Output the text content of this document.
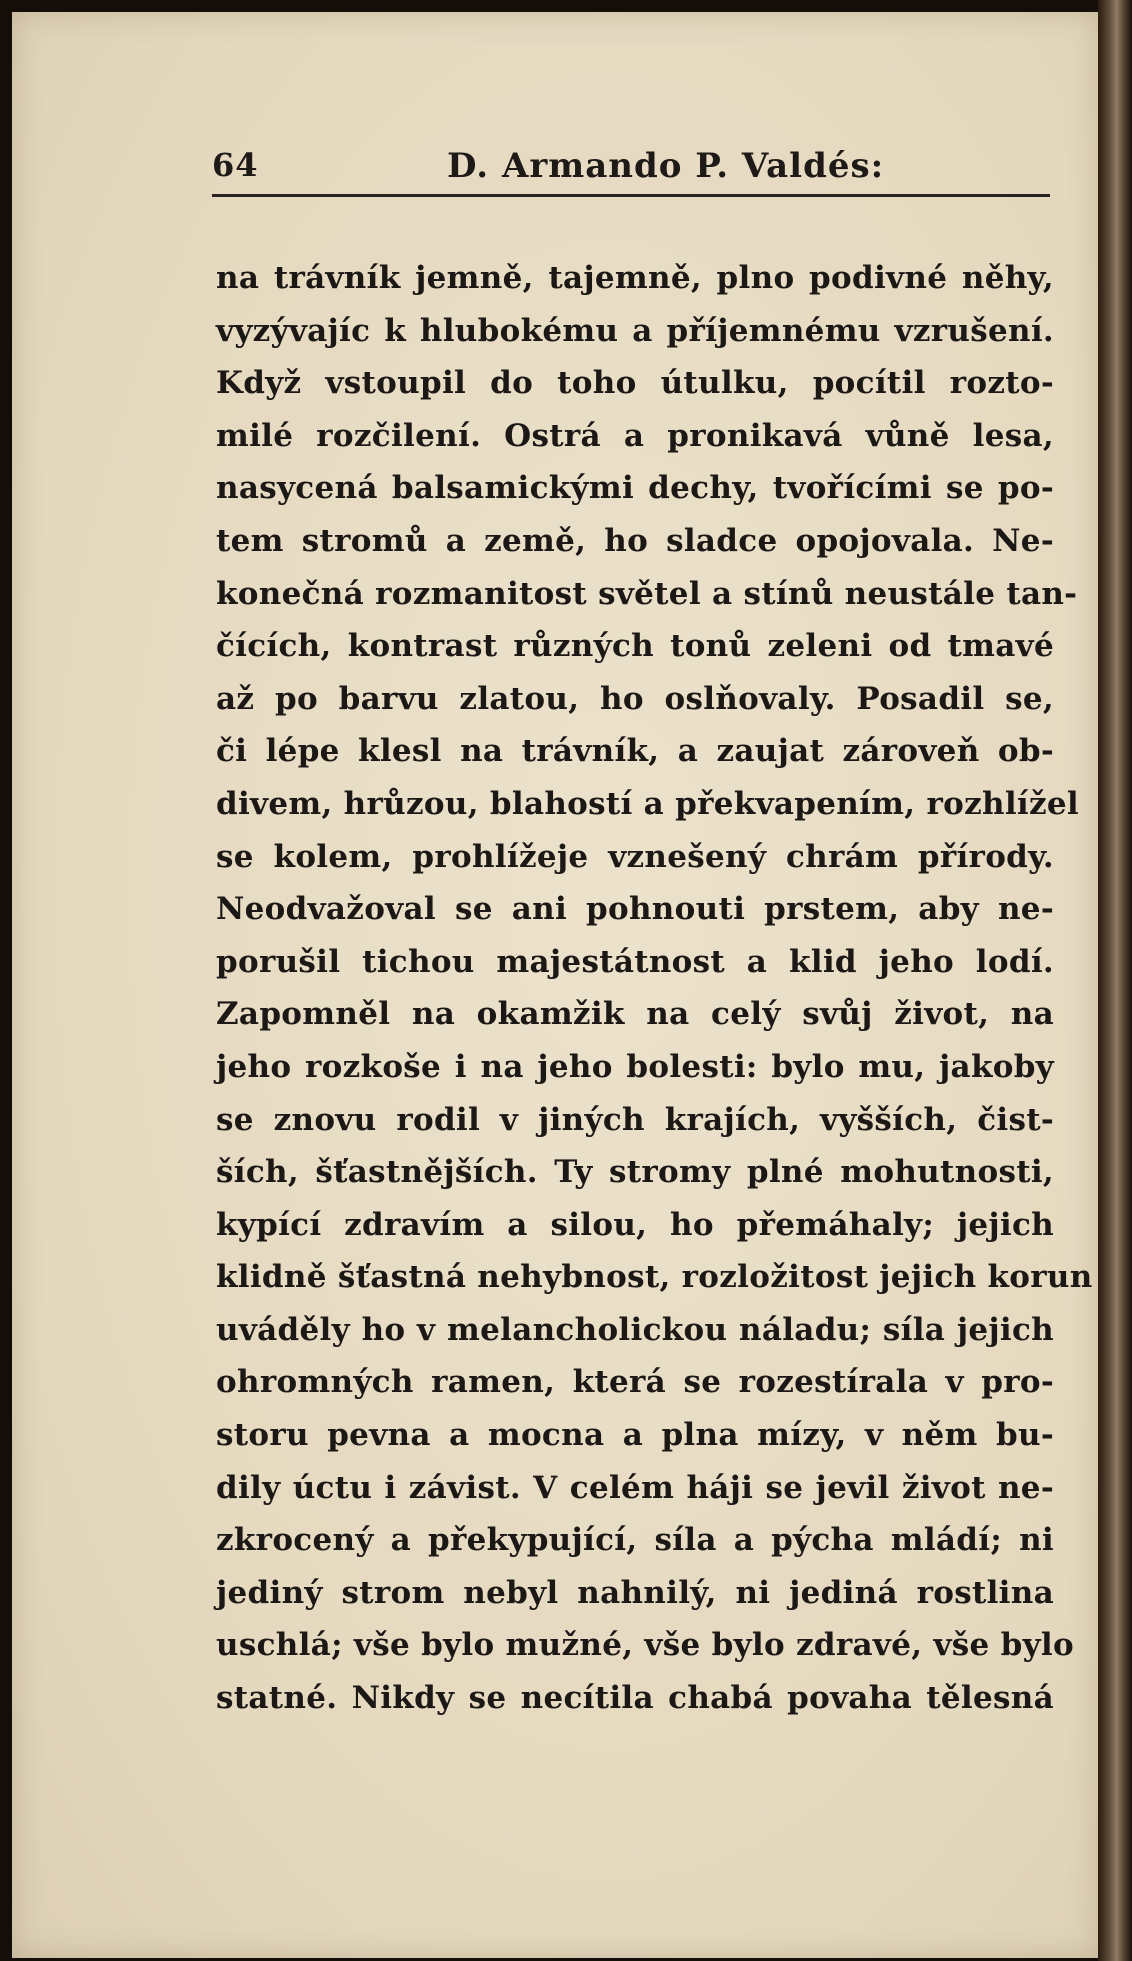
64	D. Armando P. Valdés:
na trávník jemně, tajemně, plno podivné něhy,
vyzývajíc k hlubokému a příjemnému vzrušení.
Když vstoupil do toho útulku, pocítil rozto-
milé rozčilení. Ostrá a pronikavá vůně lesa,
nasycená balsamickými dechy, tvořícími se po-
tem stromů a země, ho sladce opojovala. Ne-
konečná rozmanitost světel a stínů neustále tan-
čících, kontrast různých tonů zeleni od tmavé
až po barvu zlatou, ho oslňovaly. Posadil se,
či lépe klesl na trávník, a zaujat zároveň ob-
divem, hrůzou, blahostí a překvapením, rozhlížel
se kolem, prohlížeje vznešený chrám přírody.
Neodvažoval se ani pohnouti prstem, aby ne-
porušil tichou majestátnost a klid jeho lodí.
Zapomněl na okamžik na celý svůj život, na
jeho rozkoše i na jeho bolesti: bylo mu, jakoby
se znovu rodil v jiných krajích, vyšších, čist-
ších, šťastnějších. Ty stromy plné mohutnosti,
kypící zdravím a silou, ho přemáhaly; jejich
klidně šťastná nehybnost, rozložitost jejich korun
uváděly ho v melancholickou náladu; síla jejich
ohromných ramen, která se rozestírala v pro-
storu pevna a mocna a plna mízy, v něm bu-
dily úctu i závist. V celém háji se jevil život ne-
zkrocený a překypující, síla a pýcha mládí; ni
jediný strom nebyl nahnilý, ni jediná rostlina
uschlá; vše bylo mužné, vše bylo zdravé, vše bylo
statné. Nikdy se necítila chabá povaha tělesná
